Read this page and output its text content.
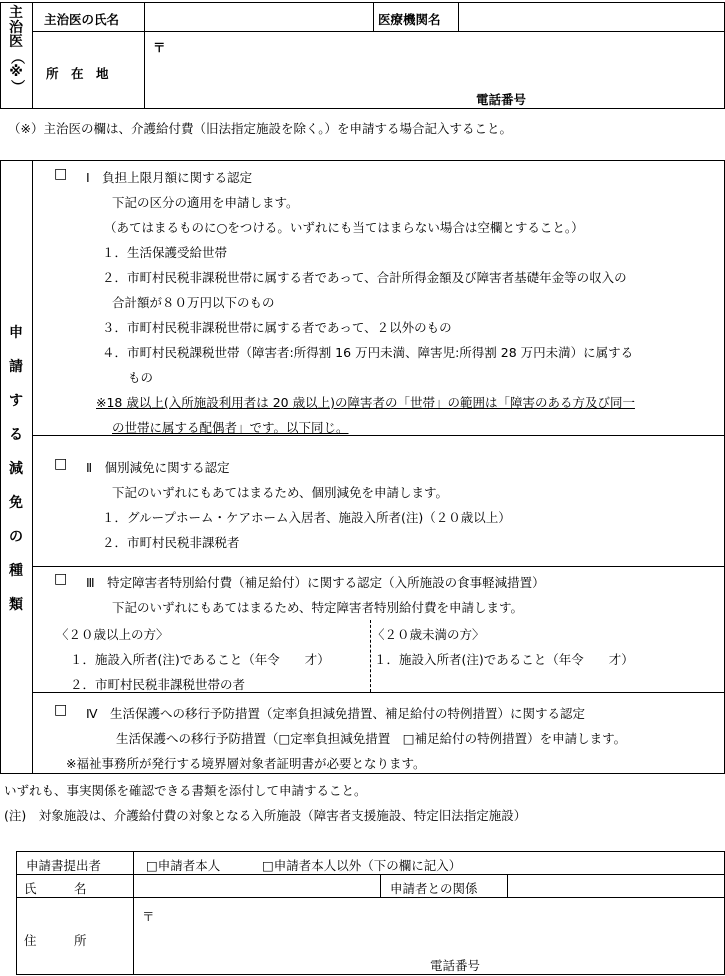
主
治
医
（
※
）
主治医の氏名	医療機関名
〒
所　在　地
電話番号
（※）主治医の欄は、介護給付費（旧法指定施設を除く。）を申請する場合記入すること。
申
請
す
る
減
免
の
種
類
□ Ⅰ　負担上限月額に関する認定
下記の区分の適用を申請します。
（あてはまるものに○をつける。いずれにも当てはまらない場合は空欄とすること。）
１．生活保護受給世帯
２．市町村民税非課税世帯に属する者であって、合計所得金額及び障害者基礎年金等の収入の
合計額が８０万円以下のもの
３．市町村民税非課税世帯に属する者であって、２以外のもの
４．市町村民税課税世帯（障害者:所得割 16 万円未満、障害児:所得割 28 万円未満）に属する
もの
※18 歳以上(入所施設利用者は 20 歳以上)の障害者の「世帯」の範囲は「障害のある方及び同一
の世帯に属する配偶者」です。以下同じ。
□ Ⅱ　個別減免に関する認定
下記のいずれにもあてはまるため、個別減免を申請します。
１．グループホーム・ケアホーム入居者、施設入所者(注)（２０歳以上）
２．市町村民税非課税者
□ Ⅲ　特定障害者特別給付費（補足給付）に関する認定（入所施設の食事軽減措置）
下記のいずれにもあてはまるため、特定障害者特別給付費を申請します。
〈２０歳以上の方〉
１．施設入所者(注)であること（年令　　才）
２．市町村民税非課税世帯の者
〈２０歳未満の方〉
１．施設入所者(注)であること（年令　　才）
□ Ⅳ　生活保護への移行予防措置（定率負担減免措置、補足給付の特例措置）に関する認定
生活保護への移行予防措置（□定率負担減免措置　□補足給付の特例措置）を申請します。
※福祉事務所が発行する境界層対象者証明書が必要となります。
いずれも、事実関係を確認できる書類を添付して申請すること。
(注)　対象施設は、介護給付費の対象となる入所施設（障害者支援施設、特定旧法指定施設）
申請書提出者	□申請者本人	□申請者本人以外（下の欄に記入）
氏　　　名	申請者との関係
〒
住　　　所
電話番号
